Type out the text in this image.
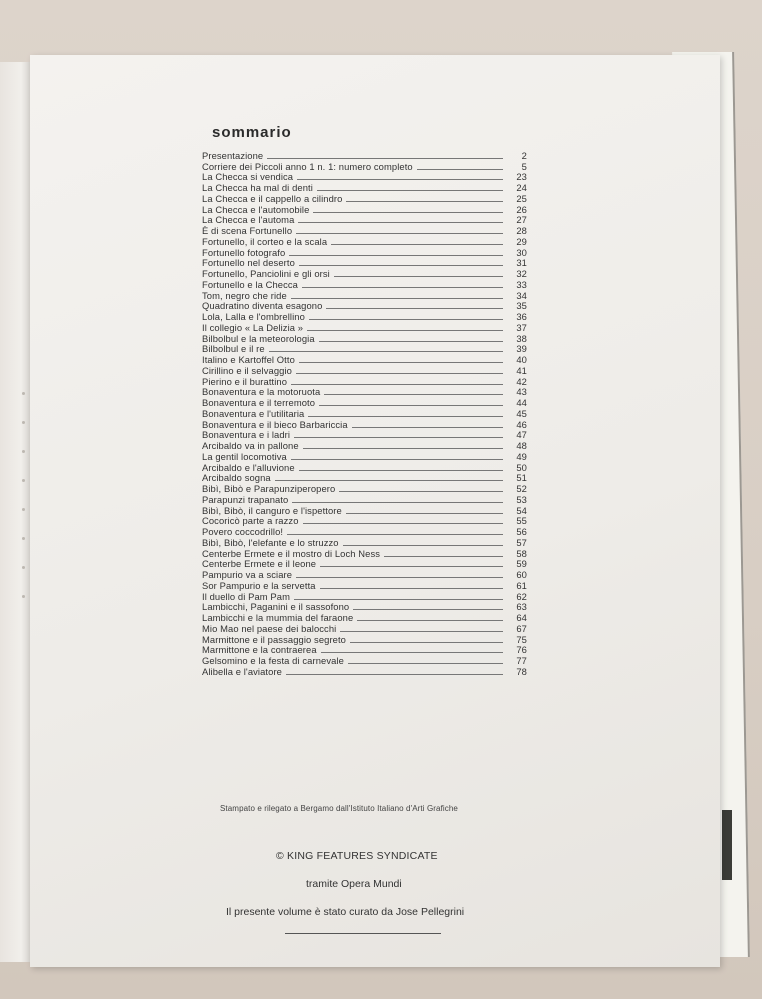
sommario
Presentazione	2
Corriere dei Piccoli anno 1 n. 1: numero completo	5
La Checca si vendica	23
La Checca ha mal di denti	24
La Checca e il cappello a cilindro	25
La Checca e l'automobile	26
La Checca e l'automa	27
È di scena Fortunello	28
Fortunello, il corteo e la scala	29
Fortunello fotografo	30
Fortunello nel deserto	31
Fortunello, Panciolini e gli orsi	32
Fortunello e la Checca	33
Tom, negro che ride	34
Quadratino diventa esagono	35
Lola, Lalla e l'ombrellino	36
Il collegio « La Delizia »	37
Bilbolbul e la meteorologia	38
Bilbolbul e il re	39
Italino e Kartoffel Otto	40
Cirillino e il selvaggio	41
Pierino e il burattino	42
Bonaventura e la motoruota	43
Bonaventura e il terremoto	44
Bonaventura e l'utilitaria	45
Bonaventura e il bieco Barbariccia	46
Bonaventura e i ladri	47
Arcibaldo va in pallone	48
La gentil locomotiva	49
Arcibaldo e l'alluvione	50
Arcibaldo sogna	51
Bibì, Bibò e Parapunziperopero	52
Parapunzi trapanato	53
Bibì, Bibò, il canguro e l'ispettore	54
Cocoricò parte a razzo	55
Povero coccodrillo!	56
Bibì, Bibò, l'elefante e lo struzzo	57
Centerbe Ermete e il mostro di Loch Ness	58
Centerbe Ermete e il leone	59
Pampurio va a sciare	60
Sor Pampurio e la servetta	61
Il duello di Pam Pam	62
Lambicchi, Paganini e il sassofono	63
Lambicchi e la mummia del faraone	64
Mio Mao nel paese dei balocchi	67
Marmittone e il passaggio segreto	75
Marmittone e la contraerea	76
Gelsomino e la festa di carnevale	77
Alibella e l'aviatore	78
Stampato e rilegato a Bergamo dall'Istituto Italiano d'Arti Grafiche
© KING FEATURES SYNDICATE
tramite Opera Mundi
Il presente volume è stato curato da Jose Pellegrini
